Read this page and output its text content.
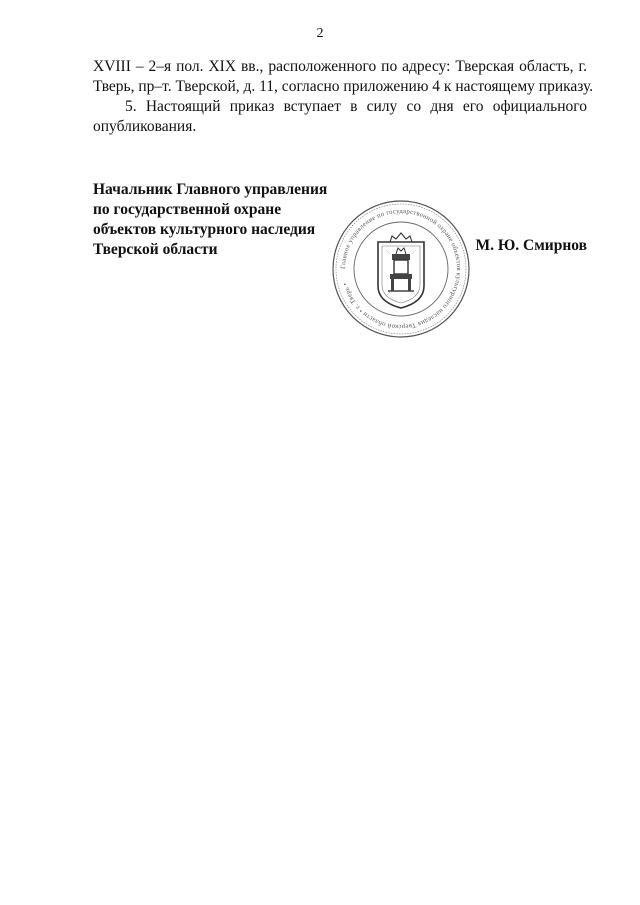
2

XVIII – 2–я пол. XIX вв., расположенного по адресу: Тверская область, г.
Тверь, пр–т. Тверской, д. 11, согласно приложению 4 к настоящему приказу.

5. Настоящий приказ вступает в силу со дня его официального
опубликования.

Начальник Главного управления
по государственной охране
объектов культурного наследия
Тверской области	М. Ю. Смирнов
Главное управление по государственной охране объектов культурного наследия Тверской области • г. Тверь •
